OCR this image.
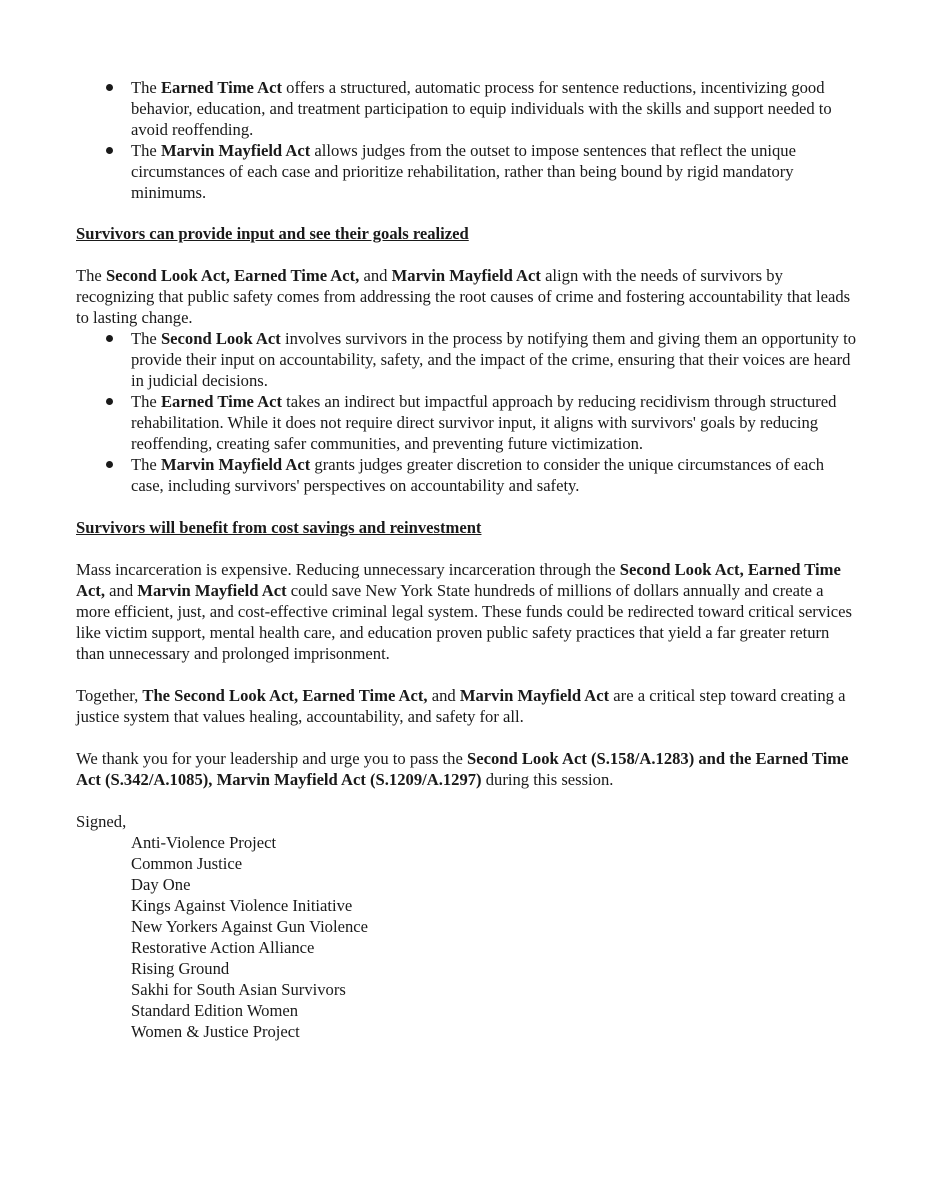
The Earned Time Act offers a structured, automatic process for sentence reductions, incentivizing good behavior, education, and treatment participation to equip individuals with the skills and support needed to avoid reoffending.
The Marvin Mayfield Act allows judges from the outset to impose sentences that reflect the unique circumstances of each case and prioritize rehabilitation, rather than being bound by rigid mandatory minimums.
Survivors can provide input and see their goals realized

The Second Look Act, Earned Time Act, and Marvin Mayfield Act align with the needs of survivors by recognizing that public safety comes from addressing the root causes of crime and fostering accountability that leads to lasting change.

The Second Look Act involves survivors in the process by notifying them and giving them an opportunity to provide their input on accountability, safety, and the impact of the crime, ensuring that their voices are heard in judicial decisions.
The Earned Time Act takes an indirect but impactful approach by reducing recidivism through structured rehabilitation. While it does not require direct survivor input, it aligns with survivors' goals by reducing reoffending, creating safer communities, and preventing future victimization.
The Marvin Mayfield Act grants judges greater discretion to consider the unique circumstances of each case, including survivors' perspectives on accountability and safety.
Survivors will benefit from cost savings and reinvestment

Mass incarceration is expensive. Reducing unnecessary incarceration through the Second Look Act, Earned Time Act, and Marvin Mayfield Act could save New York State hundreds of millions of dollars annually and create a more efficient, just, and cost-effective criminal legal system. These funds could be redirected toward critical services like victim support, mental health care, and education proven public safety practices that yield a far greater return than unnecessary and prolonged imprisonment.

Together, The Second Look Act, Earned Time Act, and Marvin Mayfield Act are a critical step toward creating a justice system that values healing, accountability, and safety for all.

We thank you for your leadership and urge you to pass the Second Look Act (S.158/A.1283) and the Earned Time Act (S.342/A.1085), Marvin Mayfield Act (S.1209/A.1297) during this session.

Signed,

Anti-Violence Project
Common Justice
Day One
Kings Against Violence Initiative
New Yorkers Against Gun Violence
Restorative Action Alliance
Rising Ground
Sakhi for South Asian Survivors
Standard Edition Women
Women & Justice Project
